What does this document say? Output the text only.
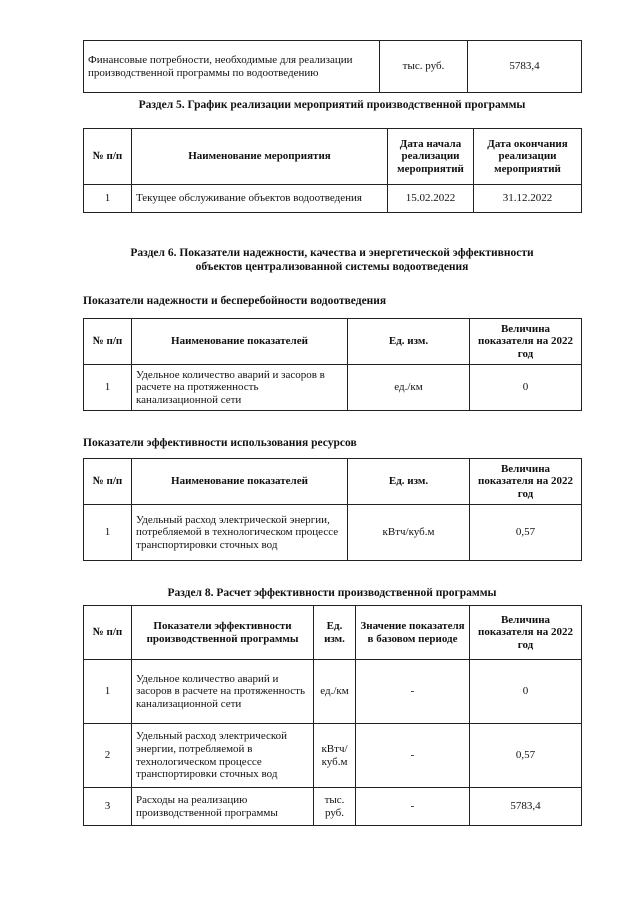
Финансовые потребности, необходимые для реализации производственной программы по водоотведению	тыс. руб.	5783,4
Раздел 5. График реализации мероприятий производственной программы
№ п/п	Наименование мероприятия	Дата начала реализации мероприятий	Дата окончания реализации мероприятий
1	Текущее обслуживание объектов водоотведения	15.02.2022	31.12.2022
Раздел 6. Показатели надежности, качества и энергетической эффективности
объектов централизованной системы водоотведения
Показатели надежности и бесперебойности водоотведения
№ п/п	Наименование показателей	Ед. изм.	Величина показателя на 2022 год
1	Удельное количество аварий и засоров в расчете на протяженность канализационной сети	ед./км	0
Показатели эффективности использования ресурсов
№ п/п	Наименование показателей	Ед. изм.	Величина показателя на 2022 год
1	Удельный расход электрической энергии, потребляемой в технологическом процессе транспортировки сточных вод	кВтч/куб.м	0,57
Раздел 8. Расчет эффективности производственной программы
№ п/п	Показатели эффективности производственной программы	Ед. изм.	Значение показателя в базовом периоде	Величина показателя на 2022 год
1	Удельное количество аварий и засоров в расчете на протяженность канализационной сети	ед./км	-	0
2	Удельный расход электрической энергии, потребляемой в технологическом процессе транспортировки сточных вод	кВтч/ куб.м	-	0,57
3	Расходы на реализацию производственной программы	тыс. руб.	-	5783,4
